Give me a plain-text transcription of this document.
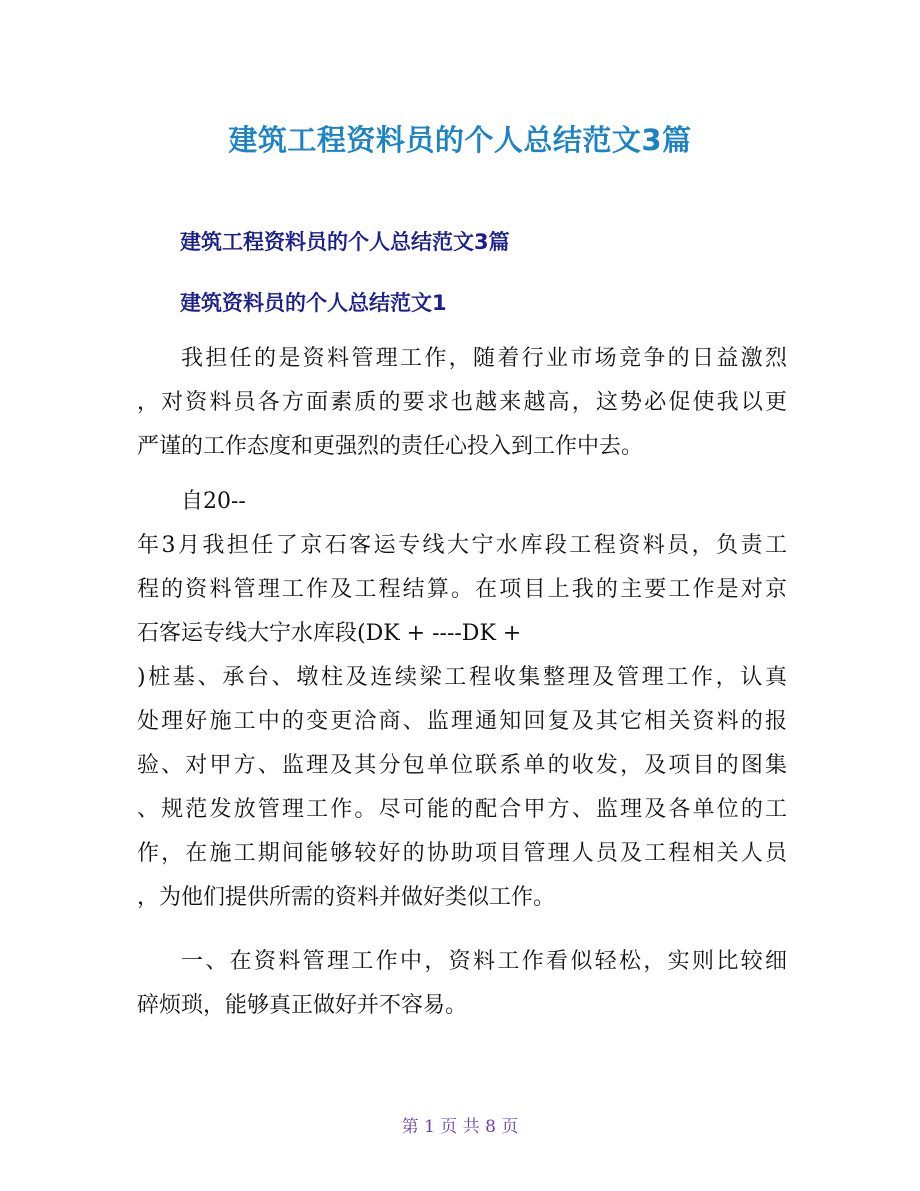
建筑工程资料员的个人总结范文3篇
建筑工程资料员的个人总结范文3篇
建筑资料员的个人总结范文1
我担任的是资料管理工作，随着行业市场竞争的日益激烈
，对资料员各方面素质的要求也越来越高，这势必促使我以更
严谨的工作态度和更强烈的责任心投入到工作中去。
自20--
年3月我担任了京石客运专线大宁水库段工程资料员，负责工
程的资料管理工作及工程结算。在项目上我的主要工作是对京
石客运专线大宁水库段(DK + ----DK +
)桩基、承台、墩柱及连续梁工程收集整理及管理工作，认真
处理好施工中的变更洽商、监理通知回复及其它相关资料的报
验、对甲方、监理及其分包单位联系单的收发，及项目的图集
、规范发放管理工作。尽可能的配合甲方、监理及各单位的工
作，在施工期间能够较好的协助项目管理人员及工程相关人员
，为他们提供所需的资料并做好类似工作。
一、在资料管理工作中，资料工作看似轻松，实则比较细
碎烦琐，能够真正做好并不容易。
第 1 页 共 8 页
